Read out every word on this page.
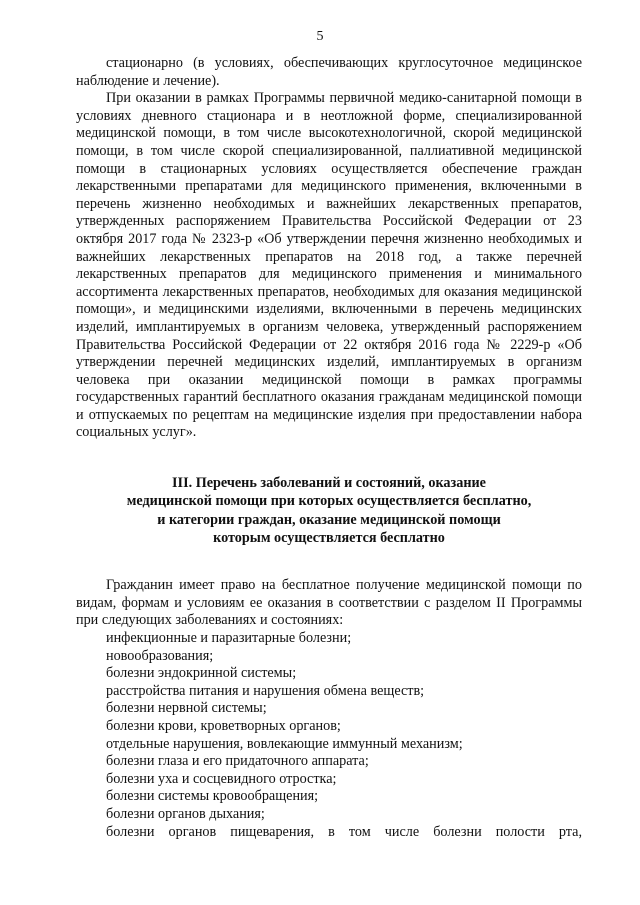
5

стационарно (в условиях, обеспечивающих круглосуточное медицинское наблюдение и лечение).

При оказании в рамках Программы первичной медико-санитарной помощи в условиях дневного стационара и в неотложной форме, специализированной медицинской помощи, в том числе высокотехнологичной, скорой медицинской помощи, в том числе скорой специализированной, паллиативной медицинской помощи в стационарных условиях осуществляется обеспечение граждан лекарственными препаратами для медицинского применения, включенными в перечень жизненно необходимых и важнейших лекарственных препаратов, утвержденных распоряжением Правительства Российской Федерации от 23 октября 2017 года № 2323-р «Об утверждении перечня жизненно необходимых и важнейших лекарственных препаратов на 2018 год, а также перечней лекарственных препаратов для медицинского применения и минимального ассортимента лекарственных препаратов, необходимых для оказания медицинской помощи», и медицинскими изделиями, включенными в перечень медицинских изделий, имплантируемых в организм человека, утвержденный распоряжением Правительства Российской Федерации от 22 октября 2016 года № 2229-р «Об утверждении перечней медицинских изделий, имплантируемых в организм человека при оказании медицинской помощи в рамках программы государственных гарантий бесплатного оказания гражданам медицинской помощи и отпускаемых по рецептам на медицинские изделия при предоставлении набора социальных услуг».

III. Перечень заболеваний и состояний, оказание
медицинской помощи при которых осуществляется бесплатно,
и категории граждан, оказание медицинской помощи
которым осуществляется бесплатно

Гражданин имеет право на бесплатное получение медицинской помощи по видам, формам и условиям ее оказания в соответствии с разделом II Программы при следующих заболеваниях и состояниях:

инфекционные и паразитарные болезни;
новообразования;
болезни эндокринной системы;
расстройства питания и нарушения обмена веществ;
болезни нервной системы;
болезни крови, кроветворных органов;
отдельные нарушения, вовлекающие иммунный механизм;
болезни глаза и его придаточного аппарата;
болезни уха и сосцевидного отростка;
болезни системы кровообращения;
болезни органов дыхания;
болезни органов пищеварения, в том числе болезни полости рта,
